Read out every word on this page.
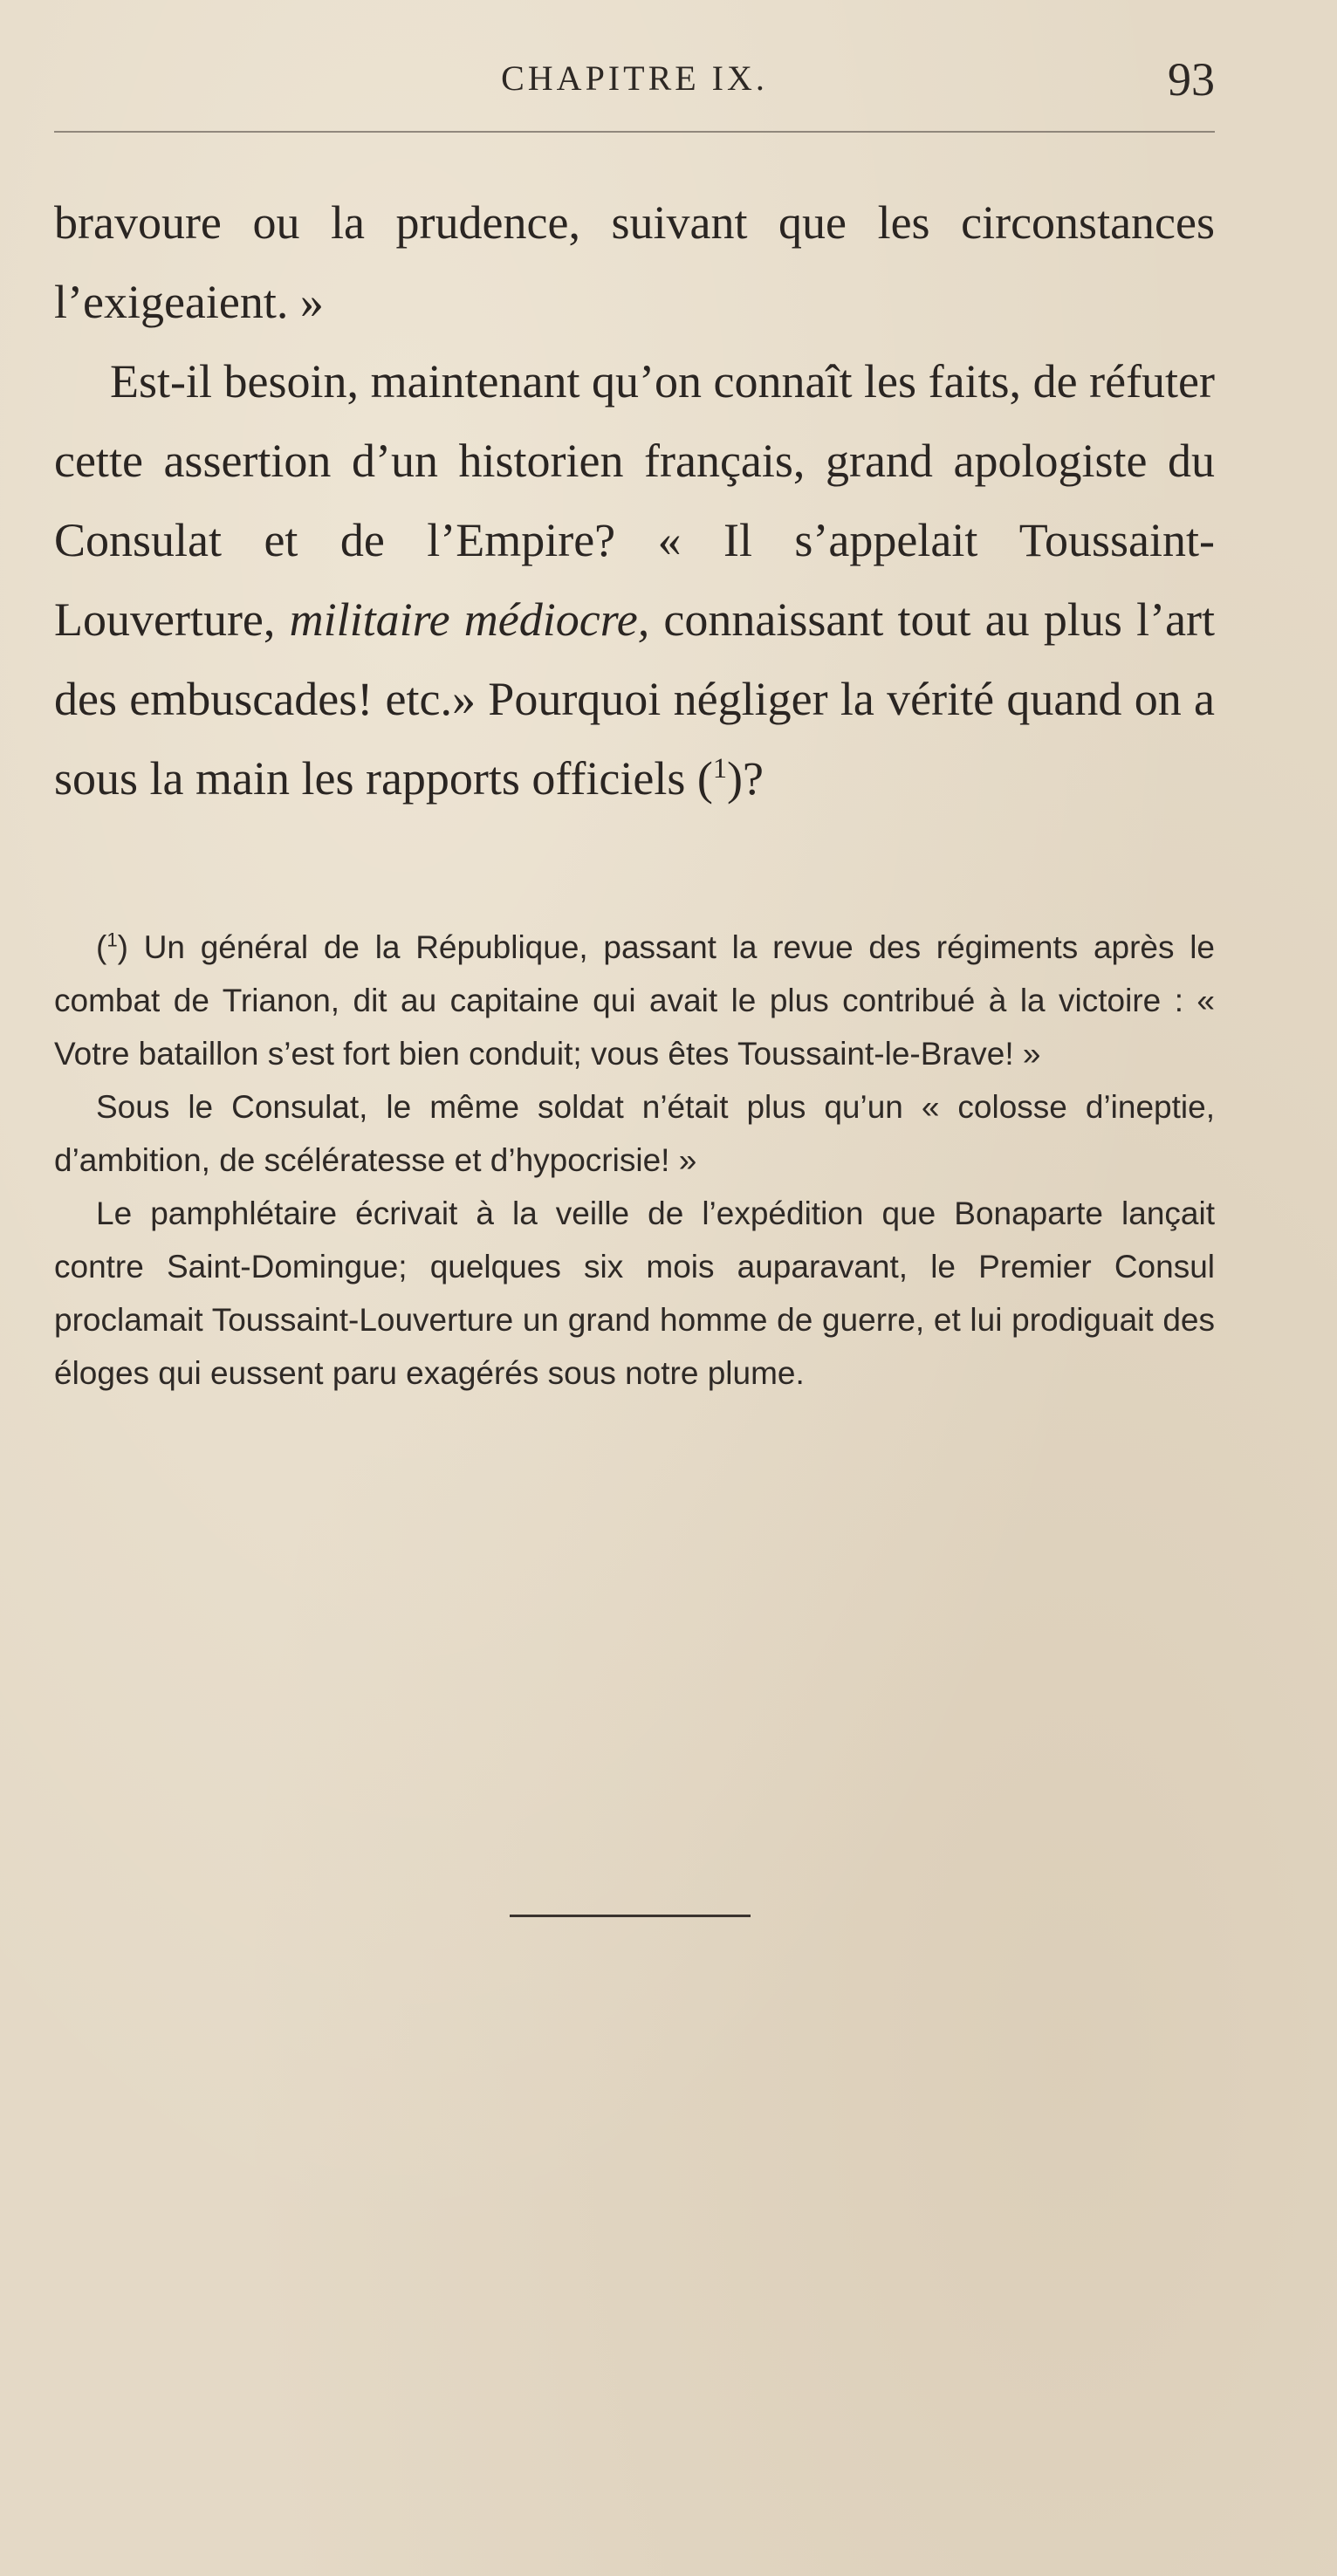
CHAPITRE IX.	93

bravoure ou la prudence, suivant que les circonstances l’exigeaient. »

Est-il besoin, maintenant qu’on connaît les faits, de réfuter cette assertion d’un historien français, grand apologiste du Consulat et de l’Empire? « Il s’appelait Toussaint-Louverture, militaire médiocre, connaissant tout au plus l’art des embuscades! etc.» Pourquoi négliger la vérité quand on a sous la main les rapports officiels ($^1$)?

($^1$) Un général de la République, passant la revue des régiments après le combat de Trianon, dit au capitaine qui avait le plus contribué à la victoire : « Votre bataillon s’est fort bien conduit; vous êtes Toussaint-le-Brave! »

Sous le Consulat, le même soldat n’était plus qu’un « colosse d’ineptie, d’ambition, de scélératesse et d’hypocrisie! »

Le pamphlétaire écrivait à la veille de l’expédition que Bonaparte lançait contre Saint-Domingue; quelques six mois auparavant, le Premier Consul proclamait Toussaint-Louverture un grand homme de guerre, et lui prodiguait des éloges qui eussent paru exagérés sous notre plume.
